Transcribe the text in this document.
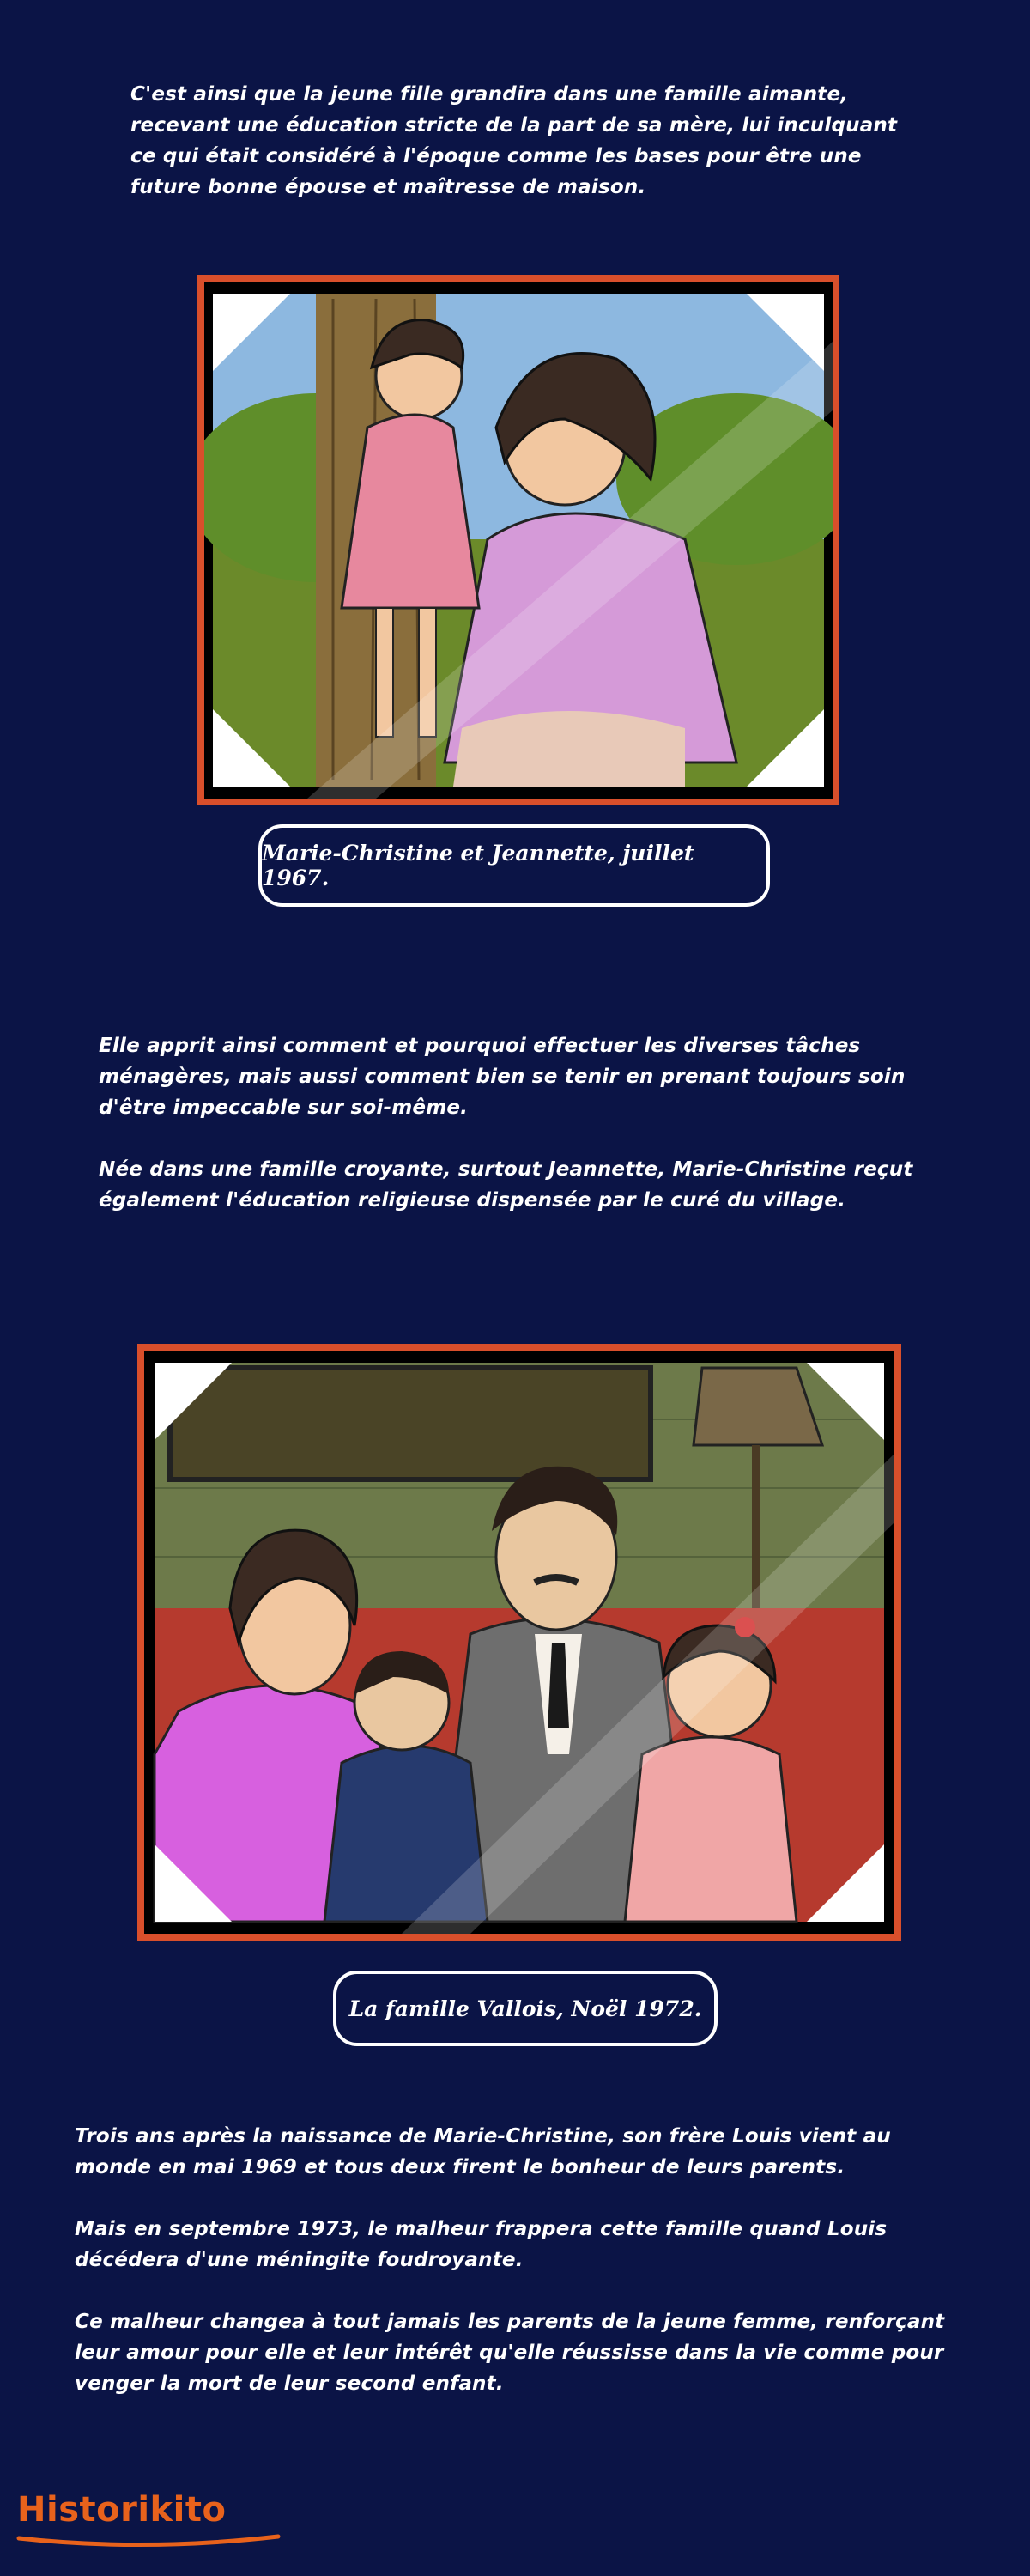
C'est ainsi que la jeune fille grandira dans une famille aimante, recevant une éducation stricte de la part de sa mère, lui inculquant ce qui était considéré à l'époque comme les bases pour être une future bonne épouse et maîtresse de maison.

Marie-Christine et Jeannette, juillet 1967.

Elle apprit ainsi comment et pourquoi effectuer les diverses tâches ménagères, mais aussi comment bien se tenir en prenant toujours soin d'être impeccable sur soi-même.

Née dans une famille croyante, surtout Jeannette, Marie-Christine reçut également l'éducation religieuse dispensée par le curé du village.

La famille Vallois, Noël 1972.

Trois ans après la naissance de Marie-Christine, son frère Louis vient au monde en mai 1969 et tous deux firent le bonheur de leurs parents.

Mais en septembre 1973, le malheur frappera cette famille quand Louis décédera d'une méningite foudroyante.

Ce malheur changea à tout jamais les parents de la jeune femme, renforçant leur amour pour elle et leur intérêt qu'elle réussisse dans la vie comme pour venger la mort de leur second enfant.

Historikito
